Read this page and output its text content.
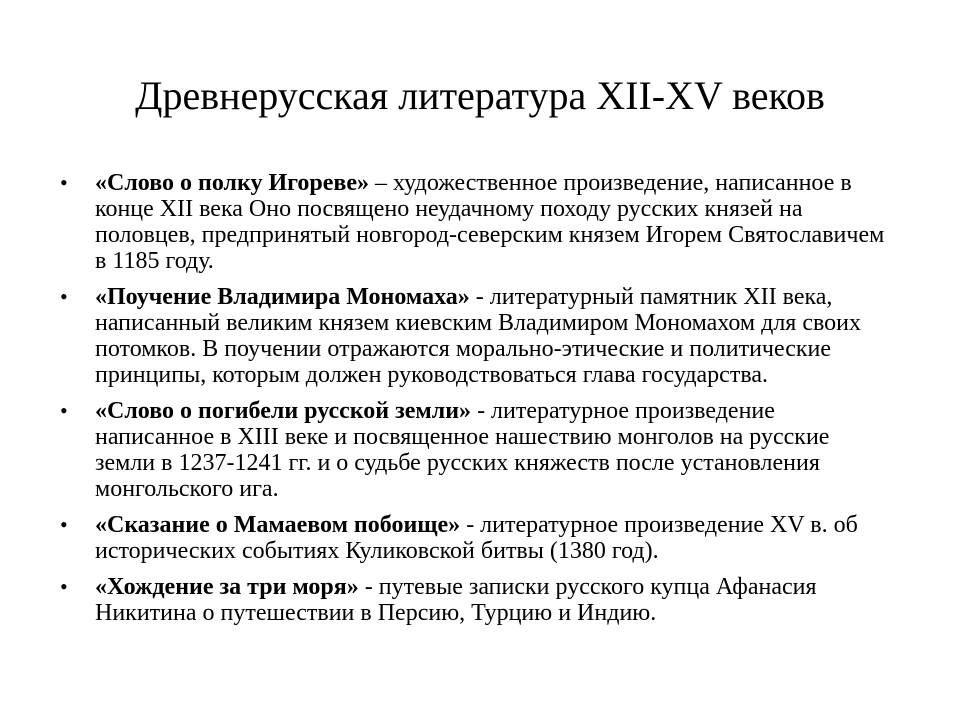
Древнерусская литература XII-XV веков
•	«Слово о полку Игореве» – художественное произведение, написанное в конце XII века Оно посвящено неудачному походу русских князей на половцев, предпринятый новгород-северским князем Игорем Святославичем в 1185 году.
•	«Поучение Владимира Мономаха» - литературный памятник XII века, написанный великим князем киевским Владимиром Мономахом для своих потомков. В поучении отражаются морально-этические и политические принципы, которым должен руководствоваться глава государства.
•	«Слово о погибели русской земли» - литературное произведение написанное в XIII веке и посвященное нашествию монголов на русские земли в 1237-1241 гг. и о судьбе русских княжеств после установления монгольского ига.
•	«Сказание о Мамаевом побоище» - литературное произведение XV в. об исторических событиях Куликовской битвы (1380 год).
•	«Хождение за три моря» - путевые записки русского купца Афанасия Никитина о путешествии в Персию, Турцию и Индию.
